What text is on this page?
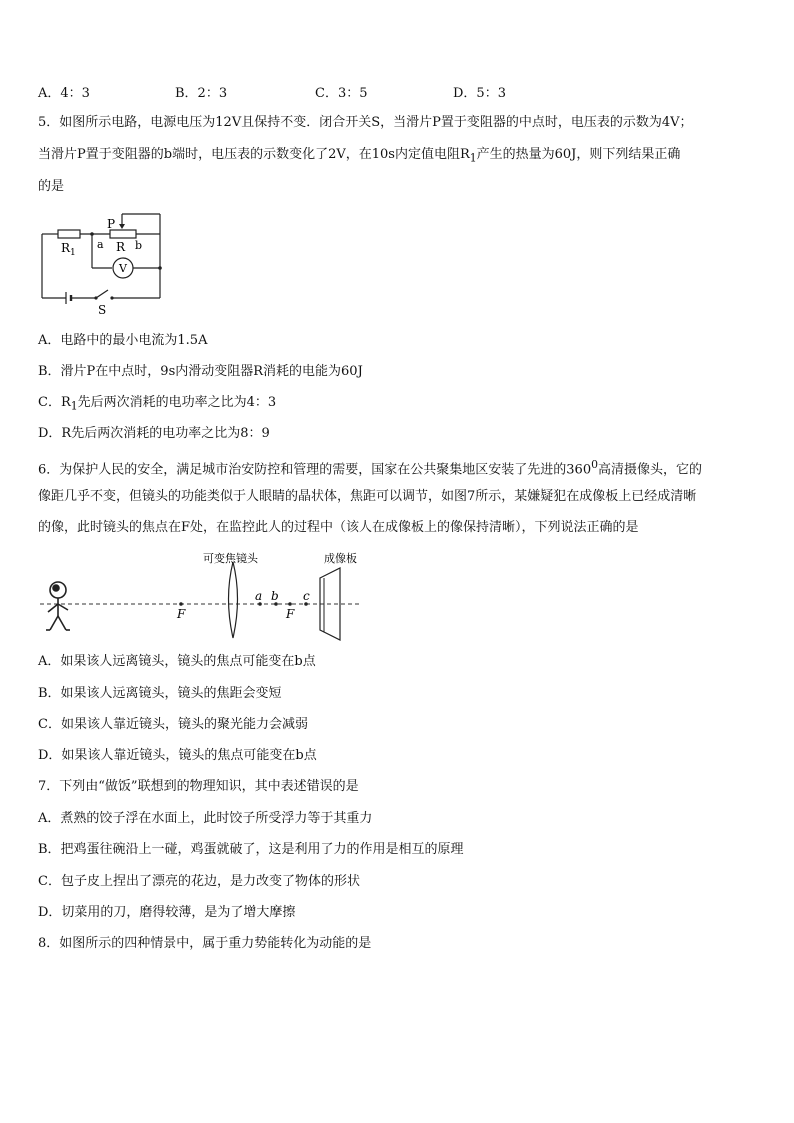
A．4：3	B．2：3	C．3：5	D．5：3
5．如图所示电路，电源电压为12V且保持不变．闭合开关S，当滑片P置于变阻器的中点时，电压表的示数为4V；
当滑片P置于变阻器的b端时，电压表的示数变化了2V，在10s内定值电阻$R_1$产生的热量为60J，则下列结果正确
的是
$R_1$
P
a R b
V
S
A．电路中的最小电流为1.5A
B．滑片P在中点时，9s内滑动变阻器R消耗的电能为60J
C．$R_1$先后两次消耗的电功率之比为4：3
D．R先后两次消耗的电功率之比为8：9
6．为保护人民的安全，满足城市治安防控和管理的需要，国家在公共聚集地区安装了先进的$360^0$高清摄像头，它的
像距几乎不变，但镜头的功能类似于人眼睛的晶状体，焦距可以调节，如图7所示，某嫌疑犯在成像板上已经成清晰
的像，此时镜头的焦点在F处，在监控此人的过程中（该人在成像板上的像保持清晰），下列说法正确的是
可变焦镜头	成像板
F
a b
F
c
A．如果该人远离镜头，镜头的焦点可能变在b点
B．如果该人远离镜头，镜头的焦距会变短
C．如果该人靠近镜头，镜头的聚光能力会减弱
D．如果该人靠近镜头，镜头的焦点可能变在b点
7．下列由“做饭”联想到的物理知识，其中表述错误的是
A．煮熟的饺子浮在水面上，此时饺子所受浮力等于其重力
B．把鸡蛋往碗沿上一碰，鸡蛋就破了，这是利用了力的作用是相互的原理
C．包子皮上捏出了漂亮的花边，是力改变了物体的形状
D．切菜用的刀，磨得较薄，是为了增大摩擦
8．如图所示的四种情景中，属于重力势能转化为动能的是
